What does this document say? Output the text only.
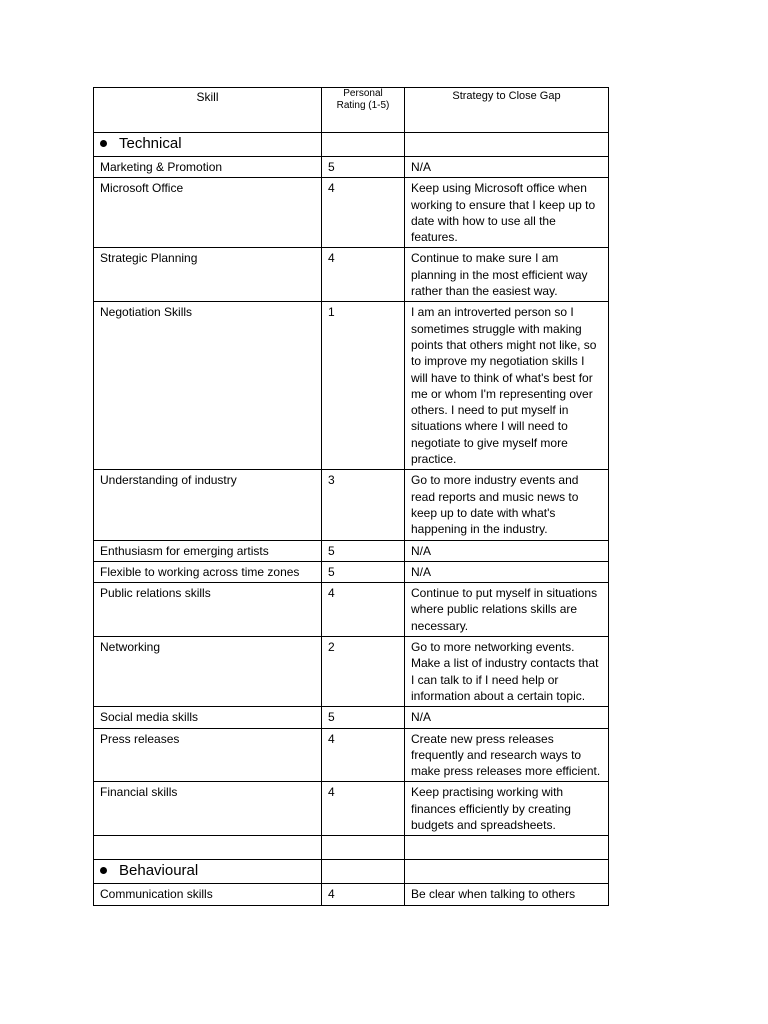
Skill	Personal Rating (1-5)	Strategy to Close Gap
Technical		
Marketing & Promotion	5	N/A
Microsoft Office	4	Keep using Microsoft office when working to ensure that I keep up to date with how to use all the features.
Strategic Planning	4	Continue to make sure I am planning in the most efficient way rather than the easiest way.
Negotiation Skills	1	I am an introverted person so I sometimes struggle with making points that others might not like, so to improve my negotiation skills I will have to think of what's best for me or whom I'm representing over others. I need to put myself in situations where I will need to negotiate to give myself more practice.
Understanding of industry	3	Go to more industry events and read reports and music news to keep up to date with what's happening in the industry.
Enthusiasm for emerging artists	5	N/A
Flexible to working across time zones	5	N/A
Public relations skills	4	Continue to put myself in situations where public relations skills are necessary.
Networking	2	Go to more networking events. Make a list of industry contacts that I can talk to if I need help or information about a certain topic.
Social media skills	5	N/A
Press releases	4	Create new press releases frequently and research ways to make press releases more efficient.
Financial skills	4	Keep practising working with finances efficiently by creating budgets and spreadsheets.

Behavioural		
Communication skills	4	Be clear when talking to others
